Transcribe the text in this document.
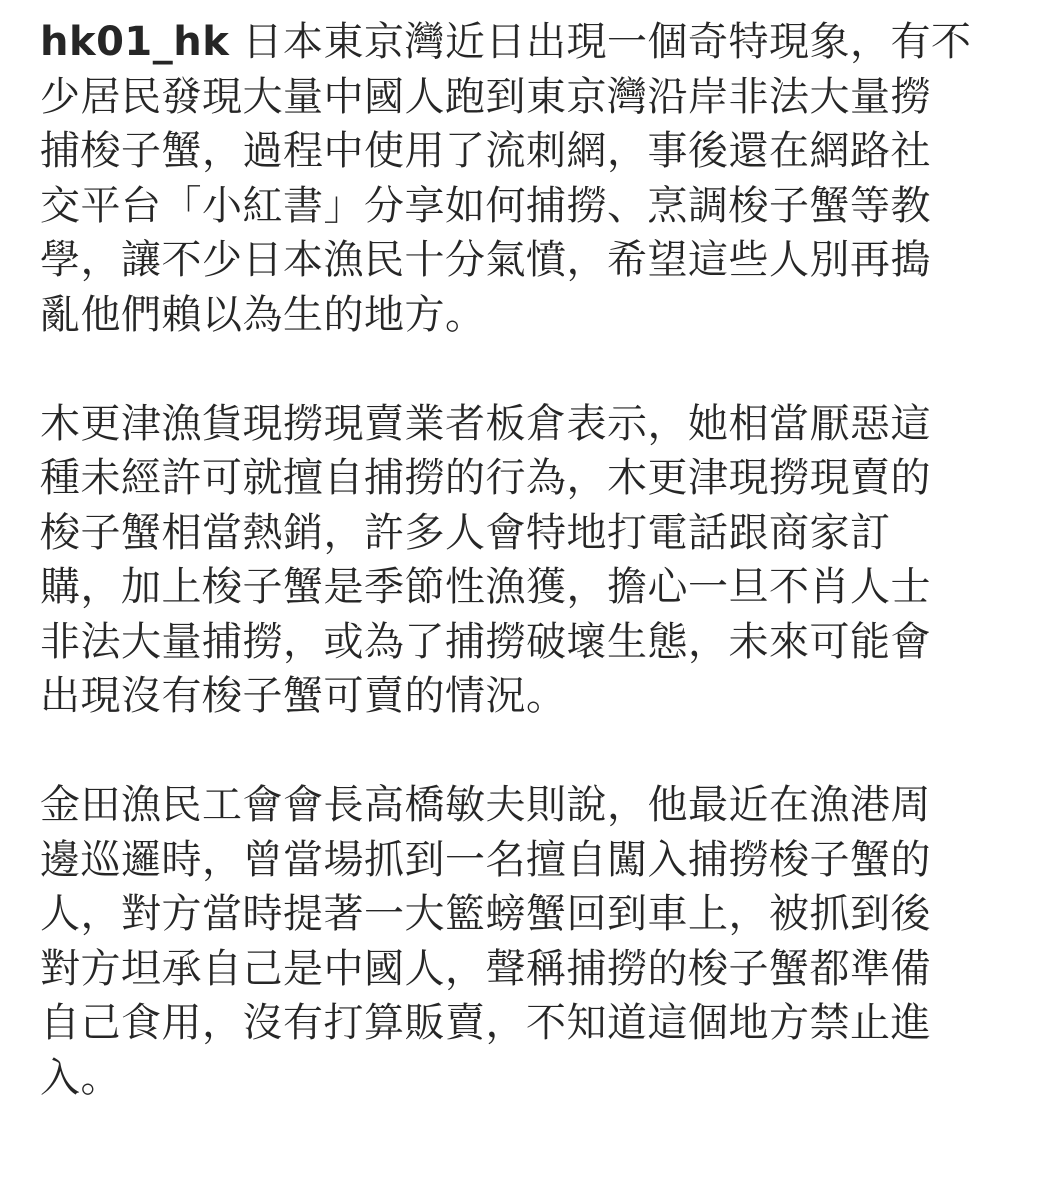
hk01_hk 日本東京灣近日出現一個奇特現象，有不
少居民發現大量中國人跑到東京灣沿岸非法大量撈
捕梭子蟹，過程中使用了流刺網，事後還在網路社
交平台「小紅書」分享如何捕撈、烹調梭子蟹等教
學，讓不少日本漁民十分氣憤，希望這些人別再搗
亂他們賴以為生的地方。

木更津漁貨現撈現賣業者板倉表示，她相當厭惡這
種未經許可就擅自捕撈的行為，木更津現撈現賣的
梭子蟹相當熱銷，許多人會特地打電話跟商家訂
購，加上梭子蟹是季節性漁獲，擔心一旦不肖人士
非法大量捕撈，或為了捕撈破壞生態，未來可能會
出現沒有梭子蟹可賣的情況。

金田漁民工會會長高橋敏夫則說，他最近在漁港周
邊巡邏時，曾當場抓到一名擅自闖入捕撈梭子蟹的
人，對方當時提著一大籃螃蟹回到車上，被抓到後
對方坦承自己是中國人，聲稱捕撈的梭子蟹都準備
自己食用，沒有打算販賣，不知道這個地方禁止進
入。
